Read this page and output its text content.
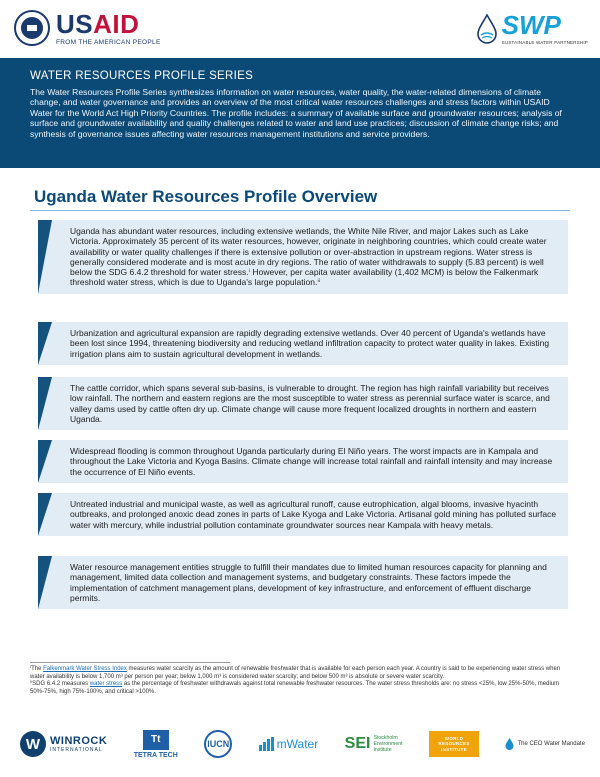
USAID
FROM THE AMERICAN PEOPLE
SWP
SUSTAINABLE WATER PARTNERSHIP
WATER RESOURCES PROFILE SERIES
The Water Resources Profile Series synthesizes information on water resources, water quality, the water-related dimensions of climate change, and water governance and provides an overview of the most critical water resources challenges and stress factors within USAID Water for the World Act High Priority Countries. The profile includes: a summary of available surface and groundwater resources; analysis of surface and groundwater availability and quality challenges related to water and land use practices; discussion of climate change risks; and synthesis of governance issues affecting water resources management institutions and service providers.
Uganda Water Resources Profile Overview

Uganda has abundant water resources, including extensive wetlands, the White Nile River, and major Lakes such as Lake Victoria. Approximately 35 percent of its water resources, however, originate in neighboring countries, which could create water availability or water quality challenges if there is extensive pollution or over-abstraction in upstream regions. Water stress is generally considered moderate and is most acute in dry regions. The ratio of water withdrawals to supply (5.83 percent) is well below the SDG 6.4.2 threshold for water stress.ⁱ However, per capita water availability (1,402 MCM) is below the Falkenmark threshold water stress, which is due to Uganda's large population.ⁱⁱ

Urbanization and agricultural expansion are rapidly degrading extensive wetlands. Over 40 percent of Uganda's wetlands have been lost since 1994, threatening biodiversity and reducing wetland infiltration capacity to protect water quality in lakes. Existing irrigation plans aim to sustain agricultural development in wetlands.

The cattle corridor, which spans several sub-basins, is vulnerable to drought. The region has high rainfall variability but receives low rainfall. The northern and eastern regions are the most susceptible to water stress as perennial surface water is scarce, and valley dams used by cattle often dry up. Climate change will cause more frequent localized droughts in northern and eastern Uganda.

Widespread flooding is common throughout Uganda particularly during El Niño years. The worst impacts are in Kampala and throughout the Lake Victoria and Kyoga Basins. Climate change will increase total rainfall and rainfall intensity and may increase the occurrence of El Niño events.

Untreated industrial and municipal waste, as well as agricultural runoff, cause eutrophication, algal blooms, invasive hyacinth outbreaks, and prolonged anoxic dead zones in parts of Lake Kyoga and Lake Victoria. Artisanal gold mining has polluted surface water with mercury, while industrial pollution contaminate groundwater sources near Kampala with heavy metals.

Water resource management entities struggle to fulfill their mandates due to limited human resources capacity for planning and management, limited data collection and management systems, and budgetary constraints. These factors impede the implementation of catchment management plans, development of key infrastructure, and enforcement of effluent discharge permits.

ⁱThe Falkenmark Water Stress Index measures water scarcity as the amount of renewable freshwater that is available for each person each year. A country is said to be experiencing water stress when water availability is below 1,700 m³ per person per year; below 1,000 m³ is considered water scarcity; and below 500 m³ is absolute or severe water scarcity.
ⁱⁱSDG 6.4.2 measures water stress as the percentage of freshwater withdrawals against total renewable freshwater resources. The water stress thresholds are: no stress <25%, low 25%-50%, medium 50%-75%, high 75%-100%, and critical >100%.
W WINROCK
INTERNATIONAL
Tt
TETRA TECH
IUCN	mWater SEI Stockholm
Environment
Institute
WORLD
RESOURCES
INSTITUTE
The CEO Water Mandate
